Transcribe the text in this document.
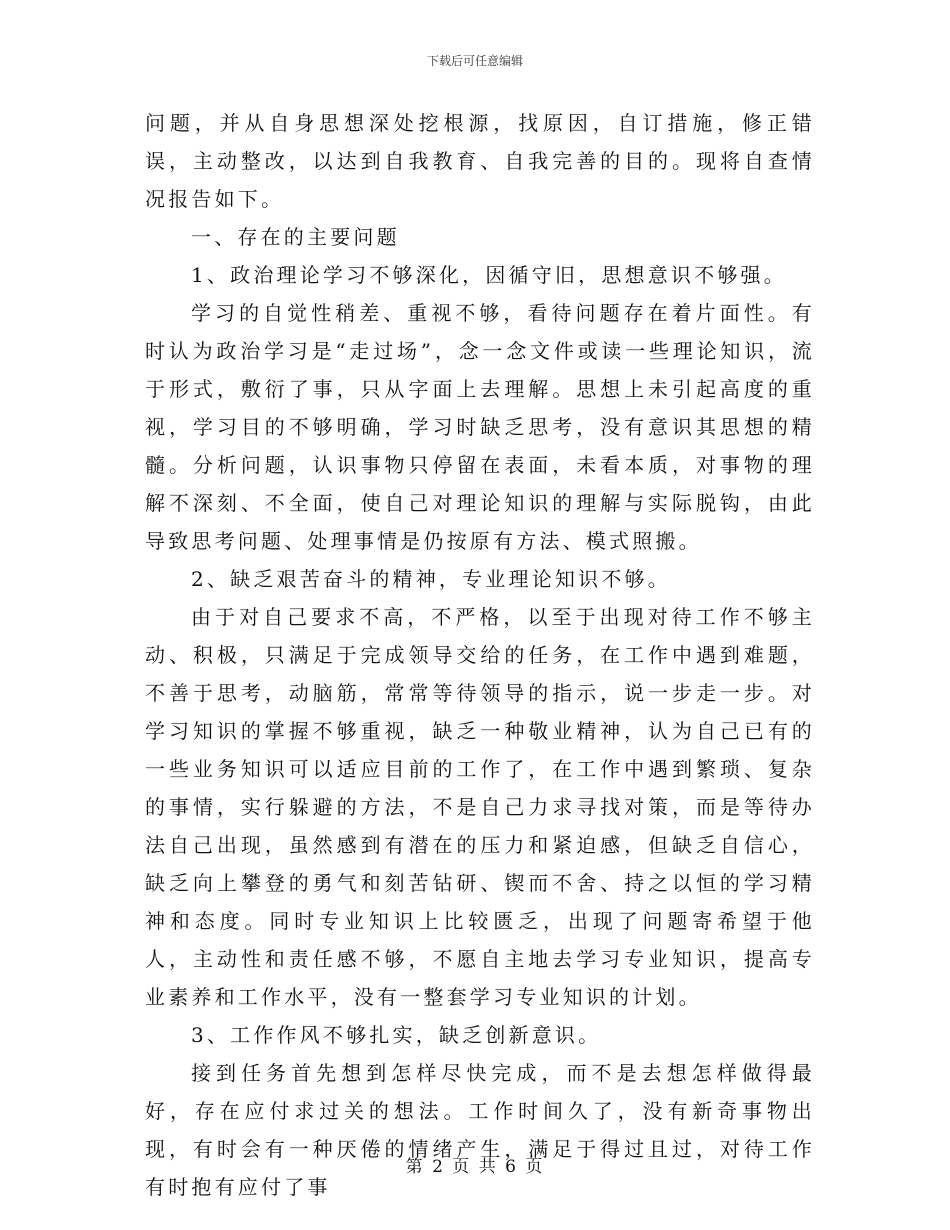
下载后可任意编辑

问题，并从自身思想深处挖根源，找原因，自订措施，修正错误，主动整改，以达到自我教育、自我完善的目的。现将自查情况报告如下。

一、存在的主要问题

1、政治理论学习不够深化，因循守旧，思想意识不够强。

学习的自觉性稍差、重视不够，看待问题存在着片面性。有时认为政治学习是“走过场”，念一念文件或读一些理论知识，流于形式，敷衍了事，只从字面上去理解。思想上未引起高度的重视，学习目的不够明确，学习时缺乏思考，没有意识其思想的精髓。分析问题，认识事物只停留在表面，未看本质，对事物的理解不深刻、不全面，使自己对理论知识的理解与实际脱钩，由此导致思考问题、处理事情是仍按原有方法、模式照搬。

2、缺乏艰苦奋斗的精神，专业理论知识不够。

由于对自己要求不高，不严格，以至于出现对待工作不够主动、积极，只满足于完成领导交给的任务，在工作中遇到难题，不善于思考，动脑筋，常常等待领导的指示，说一步走一步。对学习知识的掌握不够重视，缺乏一种敬业精神，认为自己已有的一些业务知识可以适应目前的工作了，在工作中遇到繁琐、复杂的事情，实行躲避的方法，不是自己力求寻找对策，而是等待办法自己出现，虽然感到有潜在的压力和紧迫感，但缺乏自信心，缺乏向上攀登的勇气和刻苦钻研、锲而不舍、持之以恒的学习精神和态度。同时专业知识上比较匮乏，出现了问题寄希望于他人，主动性和责任感不够，不愿自主地去学习专业知识，提高专业素养和工作水平，没有一整套学习专业知识的计划。

3、工作作风不够扎实，缺乏创新意识。

接到任务首先想到怎样尽快完成，而不是去想怎样做得最好，存在应付求过关的想法。工作时间久了，没有新奇事物出现，有时会有一种厌倦的情绪产生，满足于得过且过，对待工作有时抱有应付了事

第 2 页 共 6 页
